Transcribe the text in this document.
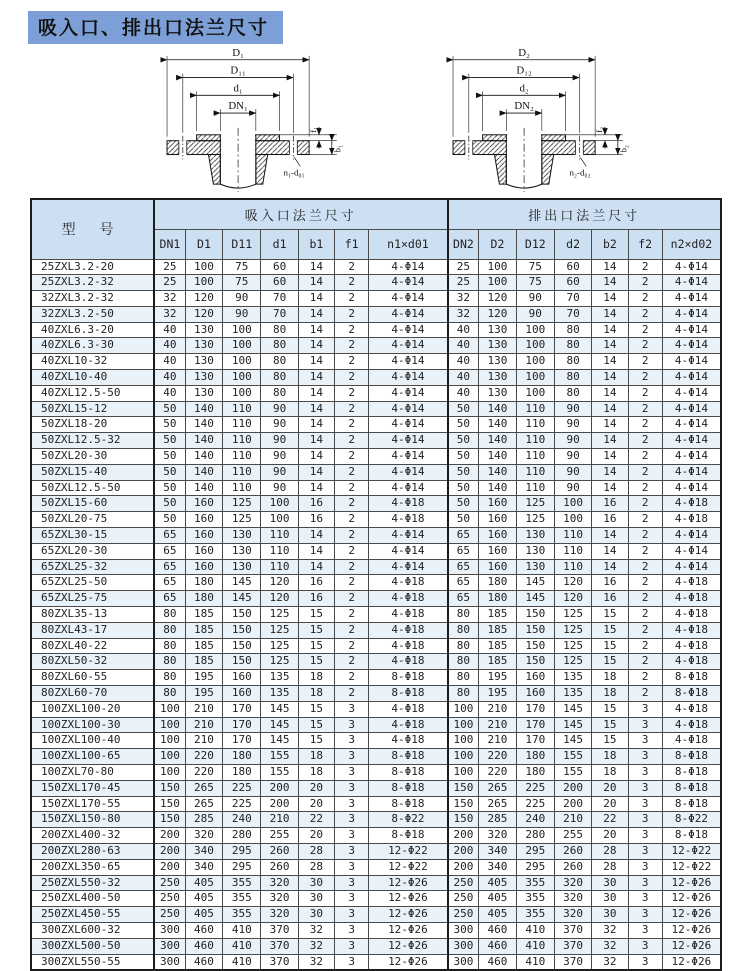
吸入口、排出口法兰尺寸
D₁
D₁₁
d₁
DN₁
f₁
b₁
n₁-d₀₁
D₂
D₁₂
d₂
DN₂
f₂
b₂
n₂-d₀₂
型 号	吸入口法兰尺寸							排出口法兰尺寸						
	DN1	D1	D11	d1	b1	f1	n1×d01	DN2	D2	D12	d2	b2	f2	n2×d02
25ZXL3.2-20	25	100	75	60	14	2	4-Φ14	25	100	75	60	14	2	4-Φ14
25ZXL3.2-32	25	100	75	60	14	2	4-Φ14	25	100	75	60	14	2	4-Φ14
32ZXL3.2-32	32	120	90	70	14	2	4-Φ14	32	120	90	70	14	2	4-Φ14
32ZXL3.2-50	32	120	90	70	14	2	4-Φ14	32	120	90	70	14	2	4-Φ14
40ZXL6.3-20	40	130	100	80	14	2	4-Φ14	40	130	100	80	14	2	4-Φ14
40ZXL6.3-30	40	130	100	80	14	2	4-Φ14	40	130	100	80	14	2	4-Φ14
40ZXL10-32	40	130	100	80	14	2	4-Φ14	40	130	100	80	14	2	4-Φ14
40ZXL10-40	40	130	100	80	14	2	4-Φ14	40	130	100	80	14	2	4-Φ14
40ZXL12.5-50	40	130	100	80	14	2	4-Φ14	40	130	100	80	14	2	4-Φ14
50ZXL15-12	50	140	110	90	14	2	4-Φ14	50	140	110	90	14	2	4-Φ14
50ZXL18-20	50	140	110	90	14	2	4-Φ14	50	140	110	90	14	2	4-Φ14
50ZXL12.5-32	50	140	110	90	14	2	4-Φ14	50	140	110	90	14	2	4-Φ14
50ZXL20-30	50	140	110	90	14	2	4-Φ14	50	140	110	90	14	2	4-Φ14
50ZXL15-40	50	140	110	90	14	2	4-Φ14	50	140	110	90	14	2	4-Φ14
50ZXL12.5-50	50	140	110	90	14	2	4-Φ14	50	140	110	90	14	2	4-Φ14
50ZXL15-60	50	160	125	100	16	2	4-Φ18	50	160	125	100	16	2	4-Φ18
50ZXL20-75	50	160	125	100	16	2	4-Φ18	50	160	125	100	16	2	4-Φ18
65ZXL30-15	65	160	130	110	14	2	4-Φ14	65	160	130	110	14	2	4-Φ14
65ZXL20-30	65	160	130	110	14	2	4-Φ14	65	160	130	110	14	2	4-Φ14
65ZXL25-32	65	160	130	110	14	2	4-Φ14	65	160	130	110	14	2	4-Φ14
65ZXL25-50	65	180	145	120	16	2	4-Φ18	65	180	145	120	16	2	4-Φ18
65ZXL25-75	65	180	145	120	16	2	4-Φ18	65	180	145	120	16	2	4-Φ18
80ZXL35-13	80	185	150	125	15	2	4-Φ18	80	185	150	125	15	2	4-Φ18
80ZXL43-17	80	185	150	125	15	2	4-Φ18	80	185	150	125	15	2	4-Φ18
80ZXL40-22	80	185	150	125	15	2	4-Φ18	80	185	150	125	15	2	4-Φ18
80ZXL50-32	80	185	150	125	15	2	4-Φ18	80	185	150	125	15	2	4-Φ18
80ZXL60-55	80	195	160	135	18	2	8-Φ18	80	195	160	135	18	2	8-Φ18
80ZXL60-70	80	195	160	135	18	2	8-Φ18	80	195	160	135	18	2	8-Φ18
100ZXL100-20	100	210	170	145	15	3	4-Φ18	100	210	170	145	15	3	4-Φ18
100ZXL100-30	100	210	170	145	15	3	4-Φ18	100	210	170	145	15	3	4-Φ18
100ZXL100-40	100	210	170	145	15	3	4-Φ18	100	210	170	145	15	3	4-Φ18
100ZXL100-65	100	220	180	155	18	3	8-Φ18	100	220	180	155	18	3	8-Φ18
100ZXL70-80	100	220	180	155	18	3	8-Φ18	100	220	180	155	18	3	8-Φ18
150ZXL170-45	150	265	225	200	20	3	8-Φ18	150	265	225	200	20	3	8-Φ18
150ZXL170-55	150	265	225	200	20	3	8-Φ18	150	265	225	200	20	3	8-Φ18
150ZXL150-80	150	285	240	210	22	3	8-Φ22	150	285	240	210	22	3	8-Φ22
200ZXL400-32	200	320	280	255	20	3	8-Φ18	200	320	280	255	20	3	8-Φ18
200ZXL280-63	200	340	295	260	28	3	12-Φ22	200	340	295	260	28	3	12-Φ22
200ZXL350-65	200	340	295	260	28	3	12-Φ22	200	340	295	260	28	3	12-Φ22
250ZXL550-32	250	405	355	320	30	3	12-Φ26	250	405	355	320	30	3	12-Φ26
250ZXL400-50	250	405	355	320	30	3	12-Φ26	250	405	355	320	30	3	12-Φ26
250ZXL450-55	250	405	355	320	30	3	12-Φ26	250	405	355	320	30	3	12-Φ26
300ZXL600-32	300	460	410	370	32	3	12-Φ26	300	460	410	370	32	3	12-Φ26
300ZXL500-50	300	460	410	370	32	3	12-Φ26	300	460	410	370	32	3	12-Φ26
300ZXL550-55	300	460	410	370	32	3	12-Φ26	300	460	410	370	32	3	12-Φ26
